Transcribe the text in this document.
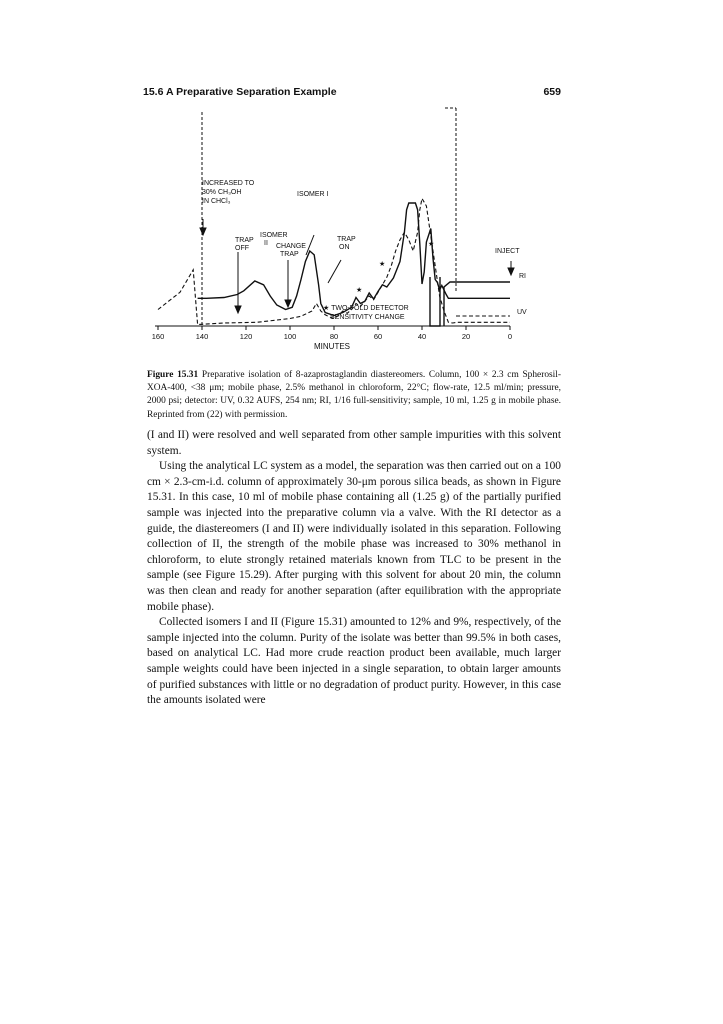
15.6 A Preparative Separation Example	659
160	140	120	100	80	60	40	20	0
MINUTES
INCREASED TO
30% CH₃OH
IN CHCl₃
ISOMER I
ISOMER
TRAP
OFF
II CHANGE
TRAP
TRAP
ON
INJECT
RI
UV
★ TWO-FOLD DETECTOR
SENSITIVITY CHANGE
★
★
★

Figure 15.31 Preparative isolation of 8-azaprostaglandin diastereomers. Column, 100 × 2.3 cm Spherosil-XOA-400, <38 μm; mobile phase, 2.5% methanol in chloroform, 22°C; flow-rate, 12.5 ml/min; pressure, 2000 psi; detector: UV, 0.32 AUFS, 254 nm; RI, 1/16 full-sensitivity; sample, 10 ml, 1.25 g in mobile phase. Reprinted from (22) with permission.

(I and II) were resolved and well separated from other sample impurities with this solvent system.

Using the analytical LC system as a model, the separation was then carried out on a 100 cm × 2.3-cm-i.d. column of approximately 30-μm porous silica beads, as shown in Figure 15.31. In this case, 10 ml of mobile phase containing all (1.25 g) of the partially purified sample was injected into the preparative column via a valve. With the RI detector as a guide, the diastereomers (I and II) were individually isolated in this separation. Following collection of II, the strength of the mobile phase was increased to 30% methanol in chloroform, to elute strongly retained materials known from TLC to be present in the sample (see Figure 15.29). After purging with this solvent for about 20 min, the column was then clean and ready for another separation (after equilibration with the appropriate mobile phase).

Collected isomers I and II (Figure 15.31) amounted to 12% and 9%, respectively, of the sample injected into the column. Purity of the isolate was better than 99.5% in both cases, based on analytical LC. Had more crude reaction product been available, much larger sample weights could have been injected in a single separation, to obtain larger amounts of purified substances with little or no degradation of product purity. However, in this case the amounts isolated were
